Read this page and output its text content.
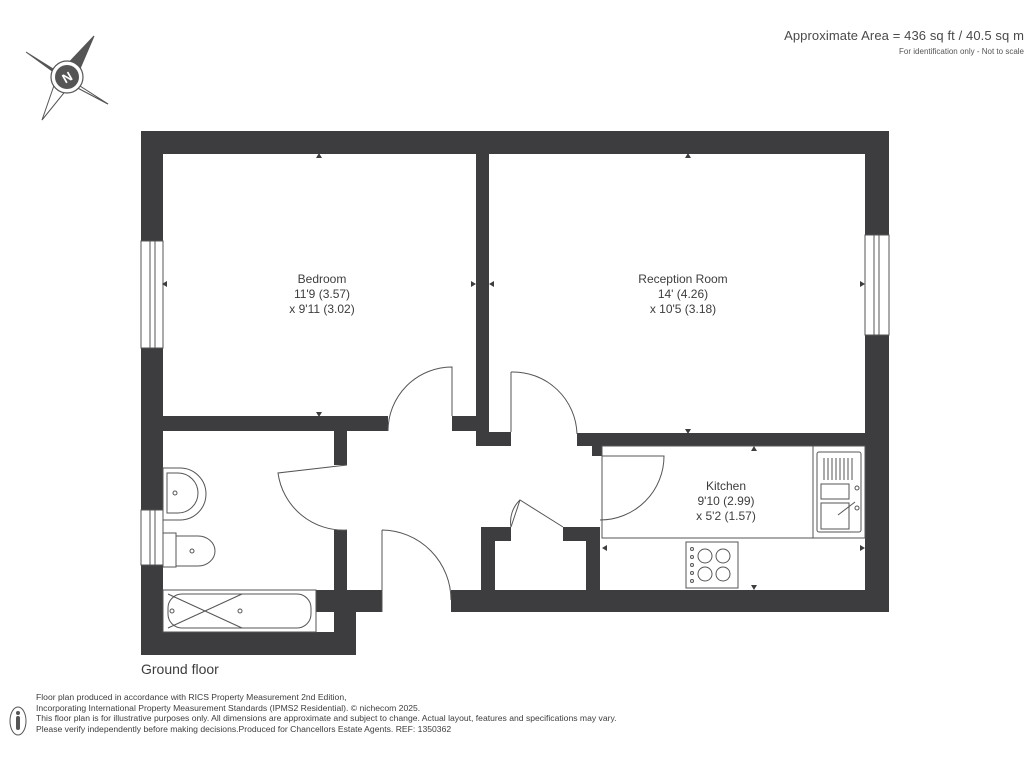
N
Bedroom
11'9 (3.57)
x 9'11 (3.02)
Reception Room
14' (4.26)
x 10'5 (3.18)
Kitchen
9'10 (2.99)
x 5'2 (1.57)
Approximate Area = 436 sq ft / 40.5 sq m
For identification only - Not to scale
Ground floor
Floor plan produced in accordance with RICS Property Measurement 2nd Edition,
Incorporating International Property Measurement Standards (IPMS2 Residential). © nichecom 2025.
This floor plan is for illustrative purposes only. All dimensions are approximate and subject to change. Actual layout, features and specifications may vary.
Please verify independently before making decisions.Produced for Chancellors Estate Agents. REF: 1350362
